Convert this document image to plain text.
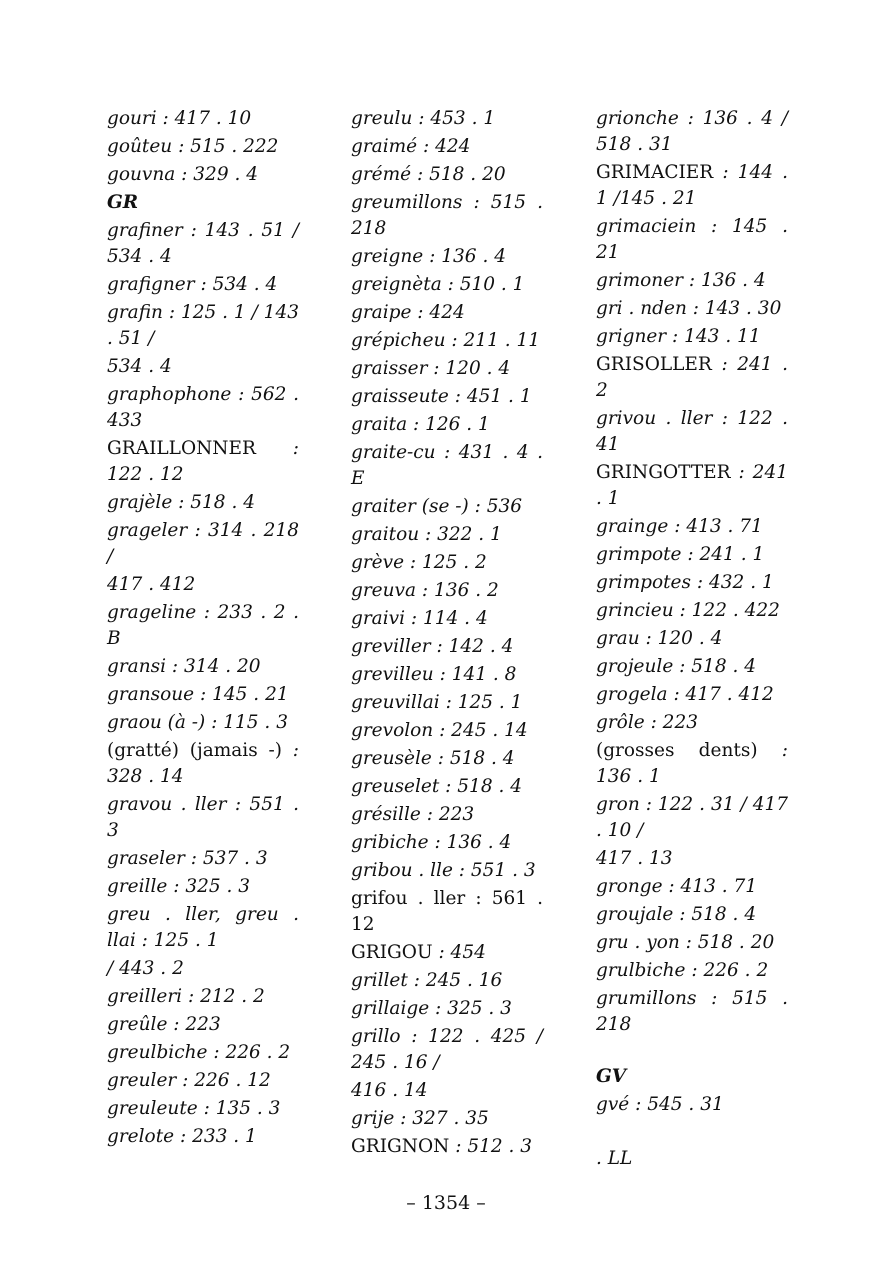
gouri : 417 . 10
goûteu : 515 . 222
gouvna : 329 . 4
GR
grafiner : 143 . 51 / 534 . 4
grafigner : 534 . 4
grafin : 125 . 1 / 143 . 51 /
534 . 4
graphophone : 562 . 433
GRAILLONNER : 122 . 12
grajèle : 518 . 4
grageler : 314 . 218 /
417 . 412
grageline : 233 . 2 . B
gransi : 314 . 20
gransoue : 145 . 21
graou (à -) : 115 . 3
(gratté) (jamais -) : 328 . 14
gravou . ller : 551 . 3
graseler : 537 . 3
greille : 325 . 3
greu . ller, greu . llai : 125 . 1
/ 443 . 2
greilleri : 212 . 2
greûle : 223
greulbiche : 226 . 2
greuler : 226 . 12
greuleute : 135 . 3
grelote : 233 . 1
greulu : 453 . 1
graimé : 424
grémé : 518 . 20
greumillons : 515 . 218
greigne : 136 . 4
greignèta : 510 . 1
graipe : 424
grépicheu : 211 . 11
graisser : 120 . 4
graisseute : 451 . 1
graita : 126 . 1
graite-cu : 431 . 4 . E
graiter (se -) : 536
graitou : 322 . 1
grève : 125 . 2
greuva : 136 . 2
graivi : 114 . 4
greviller : 142 . 4
grevilleu : 141 . 8
greuvillai : 125 . 1
grevolon : 245 . 14
greusèle : 518 . 4
greuselet : 518 . 4
grésille : 223
gribiche : 136 . 4
gribou . lle : 551 . 3
grifou . ller : 561 . 12
GRIGOU : 454
grillet : 245 . 16
grillaige : 325 . 3
grillo : 122 . 425 / 245 . 16 /
416 . 14
grije : 327 . 35
GRIGNON : 512 . 3
grionche : 136 . 4 / 518 . 31
GRIMACIER : 144 . 1 /145 . 21
grimaciein : 145 . 21
grimoner : 136 . 4
gri . nden : 143 . 30
grigner : 143 . 11
GRISOLLER : 241 . 2
grivou . ller : 122 . 41
GRINGOTTER : 241 . 1
grainge : 413 . 71
grimpote : 241 . 1
grimpotes : 432 . 1
grincieu : 122 . 422
grau : 120 . 4
grojeule : 518 . 4
grogela : 417 . 412
grôle : 223
(grosses dents) : 136 . 1
gron : 122 . 31 / 417 . 10 /
417 . 13
gronge : 413 . 71
groujale : 518 . 4
gru . yon : 518 . 20
grulbiche : 226 . 2
grumillons : 515 . 218
GV
gvé : 545 . 31
. LL
– 1354 –
